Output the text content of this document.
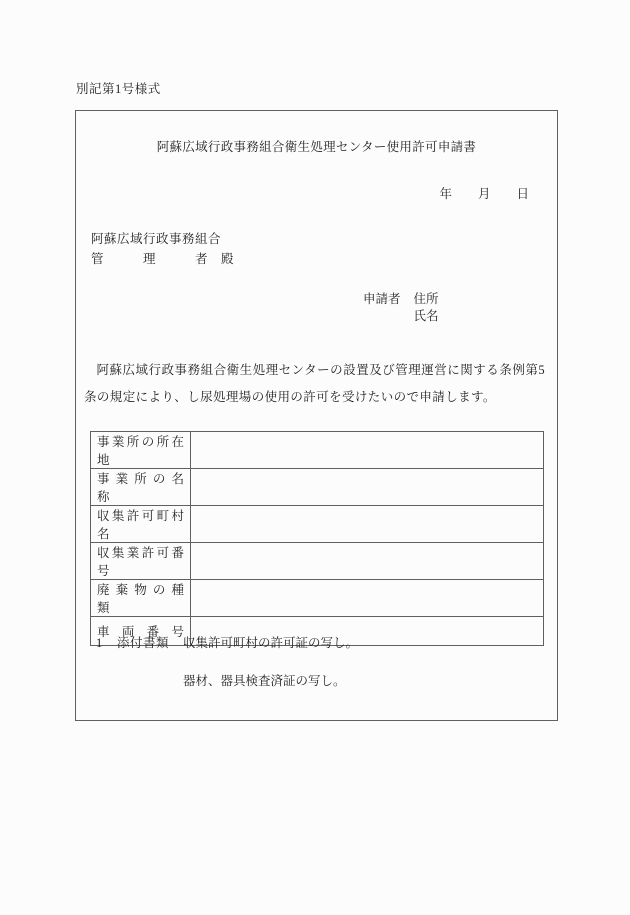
別記第1号様式
阿蘇広域行政事務組合衛生処理センター使用許可申請書
年 月 日
阿蘇広域行政事務組合
管　　　理　　　者　殿
申請者 住所
氏名
阿蘇広域行政事務組合衛生処理センターの設置及び管理運営に関する条例第5条の規定により、し尿処理場の使用の許可を受けたいので申請します。
事業所の所在地	
事 業 所 の 名 称	
収集許可町村名	
収集業許可番号	
廃 棄 物 の 種 類	
車 両 番 号	
1 添付書類 収集許可町村の許可証の写し。
器材、器具検査済証の写し。
